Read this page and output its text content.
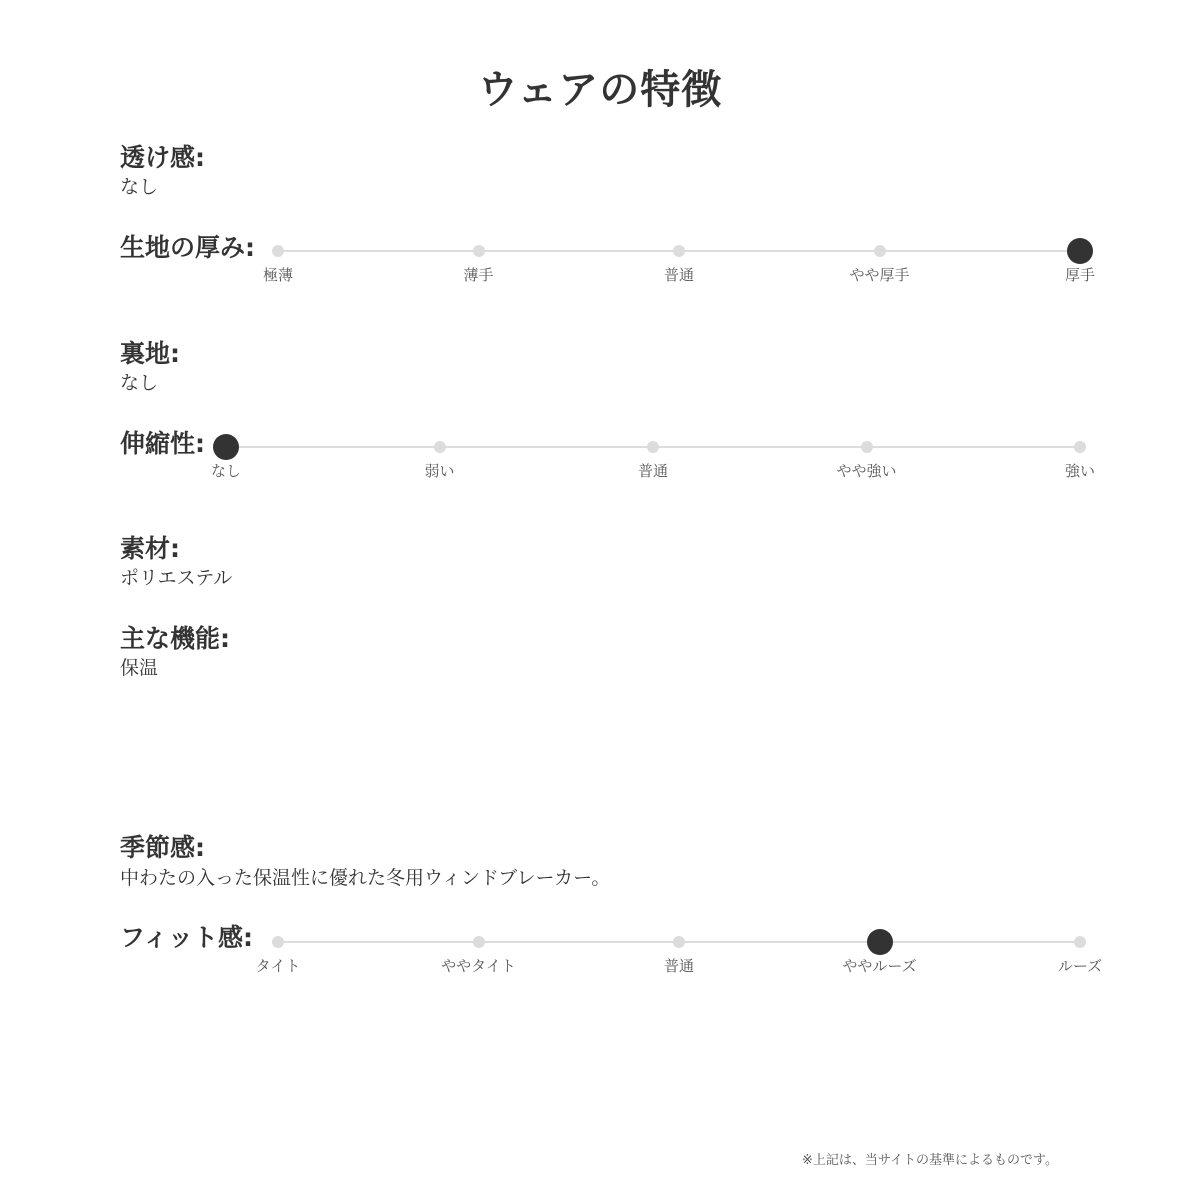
ウェアの特徴
透け感:
なし
生地の厚み:
極薄	薄手	普通	やや厚手	厚手
裏地:
なし
伸縮性:
なし	弱い	普通	やや強い	強い
素材:
ポリエステル
主な機能:
保温
季節感:
中わたの入った保温性に優れた冬用ウィンドブレーカー。
フィット感:
タイト	ややタイト	普通	ややルーズ	ルーズ
※上記は、当サイトの基準によるものです。
